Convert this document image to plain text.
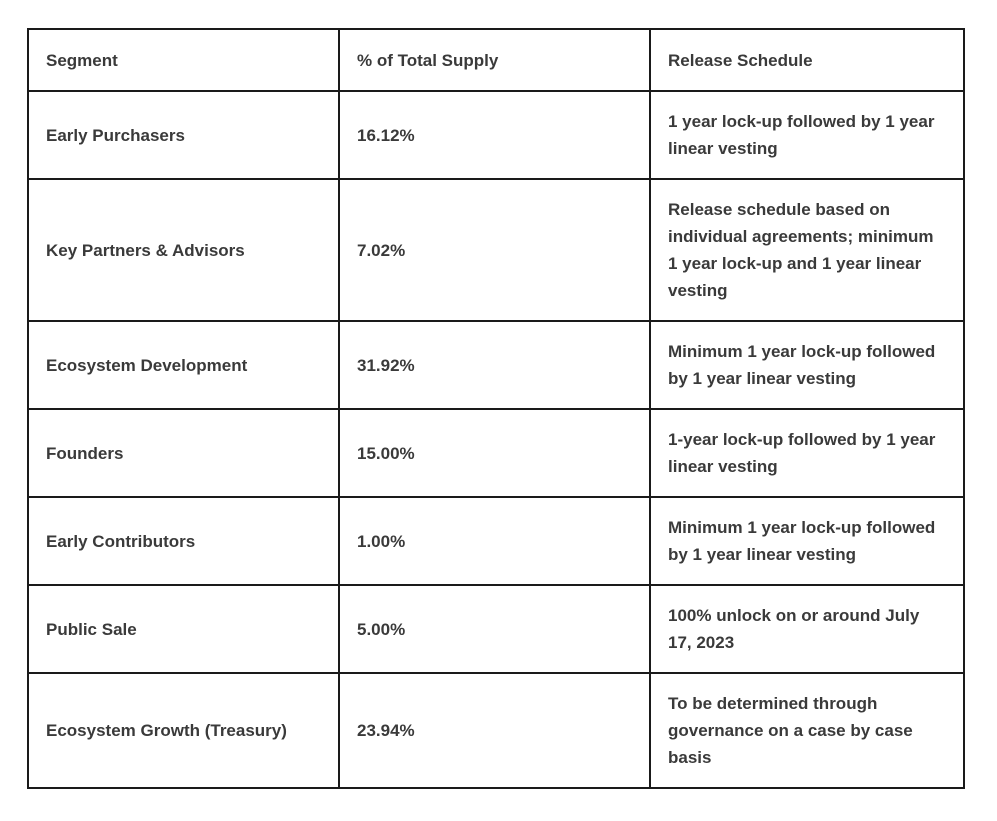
Segment	% of Total Supply	Release Schedule
Early Purchasers	16.12%	1 year lock-up followed by 1 year linear vesting
Key Partners & Advisors	7.02%	Release schedule based on individual agreements; minimum 1 year lock-up and 1 year linear vesting
Ecosystem Development	31.92%	Minimum 1 year lock-up followed by 1 year linear vesting
Founders	15.00%	1-year lock-up followed by 1 year linear vesting
Early Contributors	1.00%	Minimum 1 year lock-up followed by 1 year linear vesting
Public Sale	5.00%	100% unlock on or around July 17, 2023
Ecosystem Growth (Treasury)	23.94%	To be determined through governance on a case by case basis
